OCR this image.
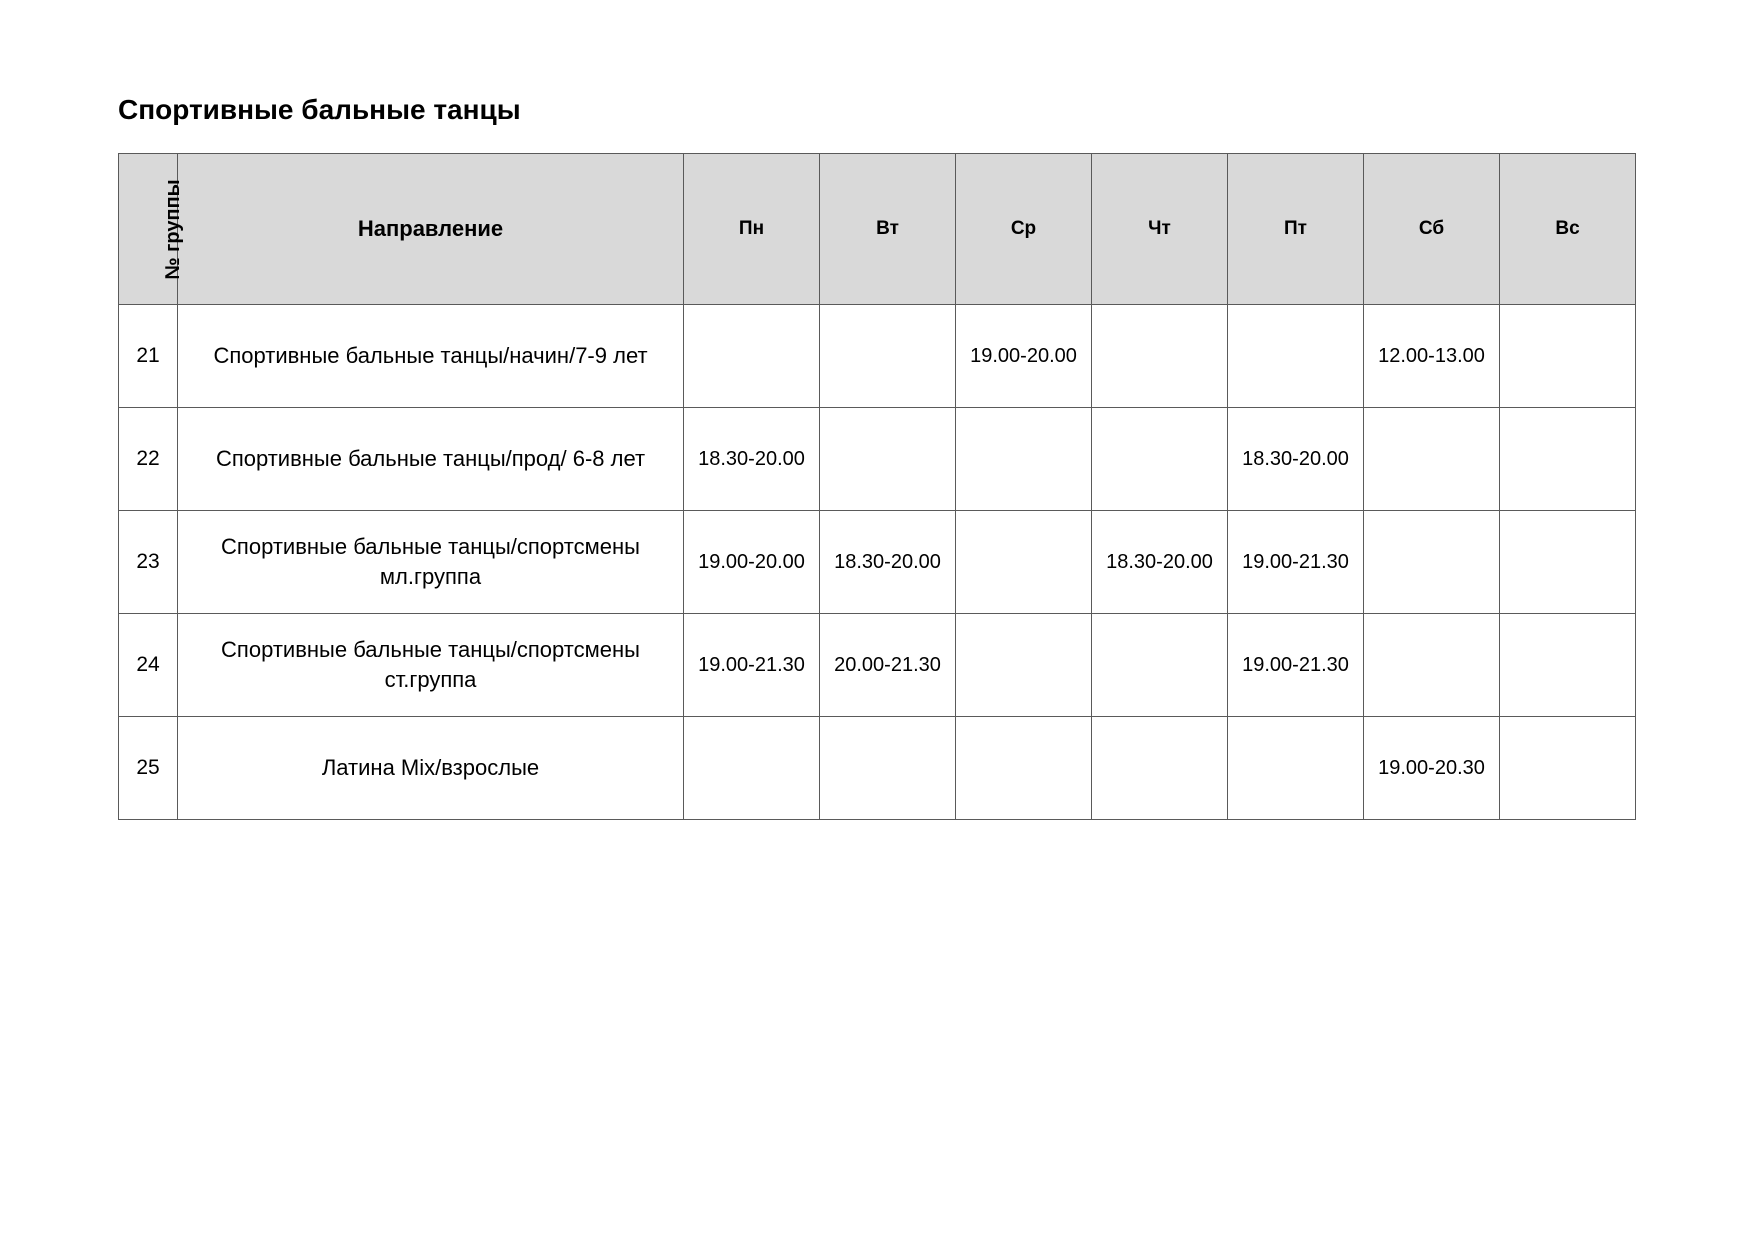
Спортивные бальные танцы
№ группы	Направление	Пн	Вт	Ср	Чт	Пт	Сб	Вс
21	Спортивные бальные танцы/начин/7-9 лет			19.00-20.00			12.00-13.00	
22	Спортивные бальные танцы/прод/ 6-8 лет	18.30-20.00				18.30-20.00		
23	Спортивные бальные танцы/спортсмены мл.группа	19.00-20.00	18.30-20.00		18.30-20.00	19.00-21.30		
24	Спортивные бальные танцы/спортсмены ст.группа	19.00-21.30	20.00-21.30			19.00-21.30		
25	Латина Mix/взрослые						19.00-20.30	
